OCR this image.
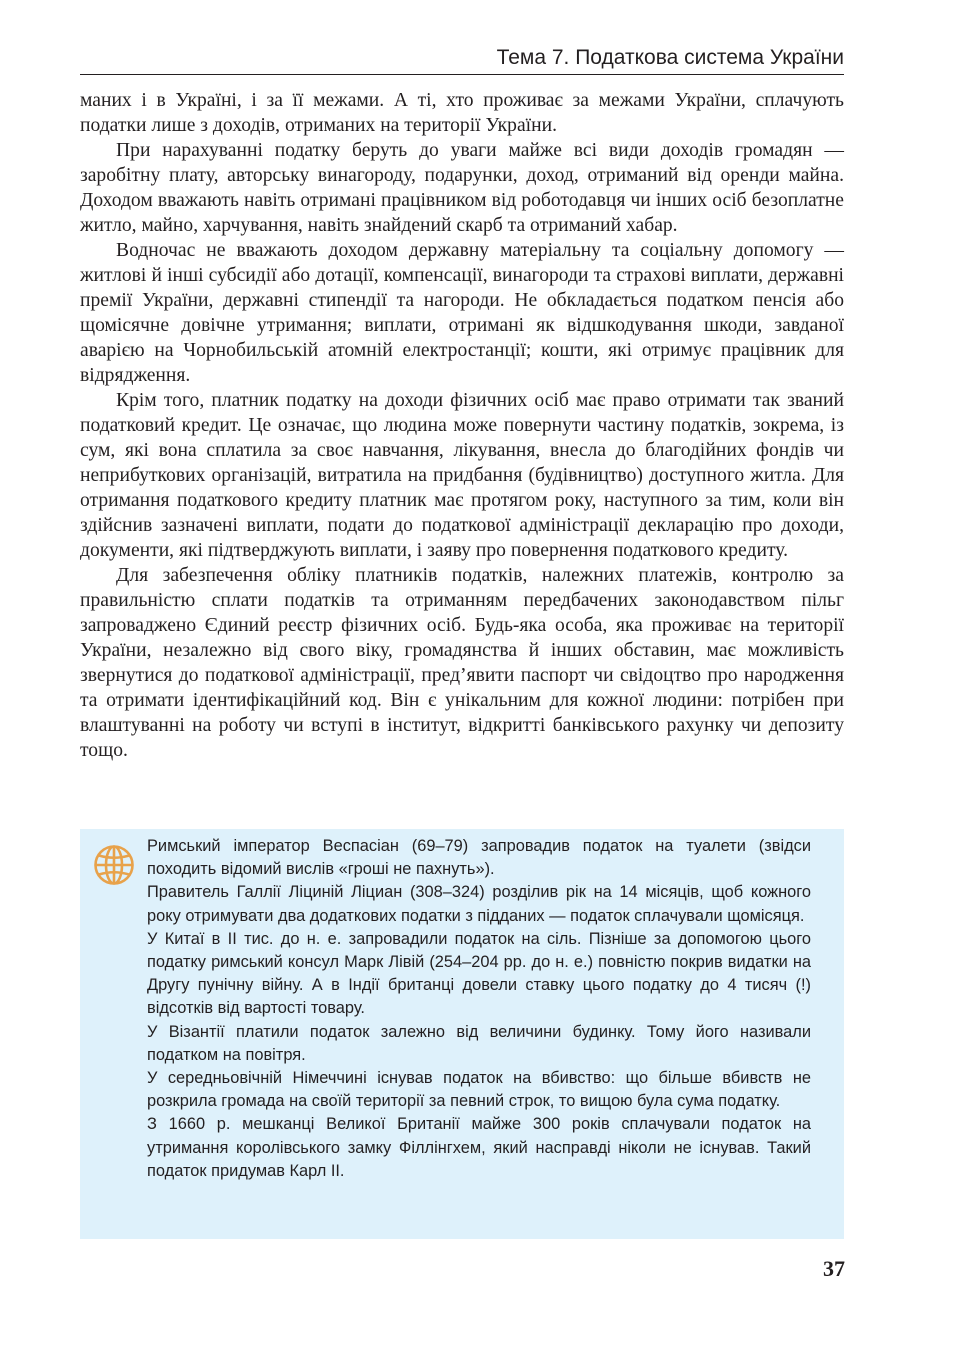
Тема 7. Податкова система України

маних і в Україні, і за її межами. А ті, хто проживає за межами України, сплачують податки лише з доходів, отриманих на території України.

При нарахуванні податку беруть до уваги майже всі види доходів громадян — заробітну плату, авторську винагороду, подарунки, доход, отриманий від оренди майна. Доходом вважають навіть отримані працівником від роботодавця чи інших осіб безоплатне житло, майно, харчування, навіть знайдений скарб та отриманий хабар.

Водночас не вважають доходом державну матеріальну та соціальну допомогу — житлові й інші субсидії або дотації, компенсації, винагороди та страхові виплати, державні премії України, державні стипендії та нагороди. Не обкладається податком пенсія або щомісячне довічне утримання; виплати, отримані як відшкодування шкоди, завданої аварією на Чорнобильській атомній електростанції; кошти, які отримує працівник для відрядження.

Крім того, платник податку на доходи фізичних осіб має право отримати так званий податковий кредит. Це означає, що людина може повернути частину податків, зокрема, із сум, які вона сплатила за своє навчання, лікування, внесла до благодійних фондів чи неприбуткових організацій, витратила на придбання (будівництво) доступного житла. Для отримання податкового кредиту платник має протягом року, наступного за тим, коли він здійснив зазначені виплати, подати до податкової адміністрації декларацію про доходи, документи, які підтверджують виплати, і заяву про повернення податкового кредиту.

Для забезпечення обліку платників податків, належних платежів, контролю за правильністю сплати податків та отриманням передбачених законодавством пільг запроваджено Єдиний реєстр фізичних осіб. Будь-яка особа, яка проживає на території України, незалежно від свого віку, громадянства й інших обставин, має можливість звернутися до податкової адміністрації, пред’явити паспорт чи свідоцтво про народження та отримати ідентифікаційний код. Він є унікальним для кожної людини: потрібен при влаштуванні на роботу чи вступі в інститут, відкритті банківського рахунку чи депозиту тощо.

Римський імператор Веспасіан (69–79) запровадив податок на туалети (звідси походить відомий вислів «гроші не пахнуть»).

Правитель Галлії Ліциній Ліциан (308–324) розділив рік на 14 місяців, щоб кожного року отримувати два додаткових податки з підданих — податок сплачували щомісяця.

У Китаї в ІІ тис. до н. е. запровадили податок на сіль. Пізніше за допомогою цього податку римський консул Марк Лівій (254–204 рр. до н. е.) повністю покрив видатки на Другу пунічну війну. А в Індії британці довели ставку цього податку до 4 тисяч (!) відсотків від вартості товару.

У Візантії платили податок залежно від величини будинку. Тому його називали податком на повітря.

У середньовічній Німеччині існував податок на вбивство: що більше вбивств не розкрила громада на своїй території за певний строк, то вищою була сума податку.

З 1660 р. мешканці Великої Британії майже 300 років сплачували податок на утримання королівського замку Філлінгхем, який насправді ніколи не існував. Такий податок придумав Карл ІІ.

37
